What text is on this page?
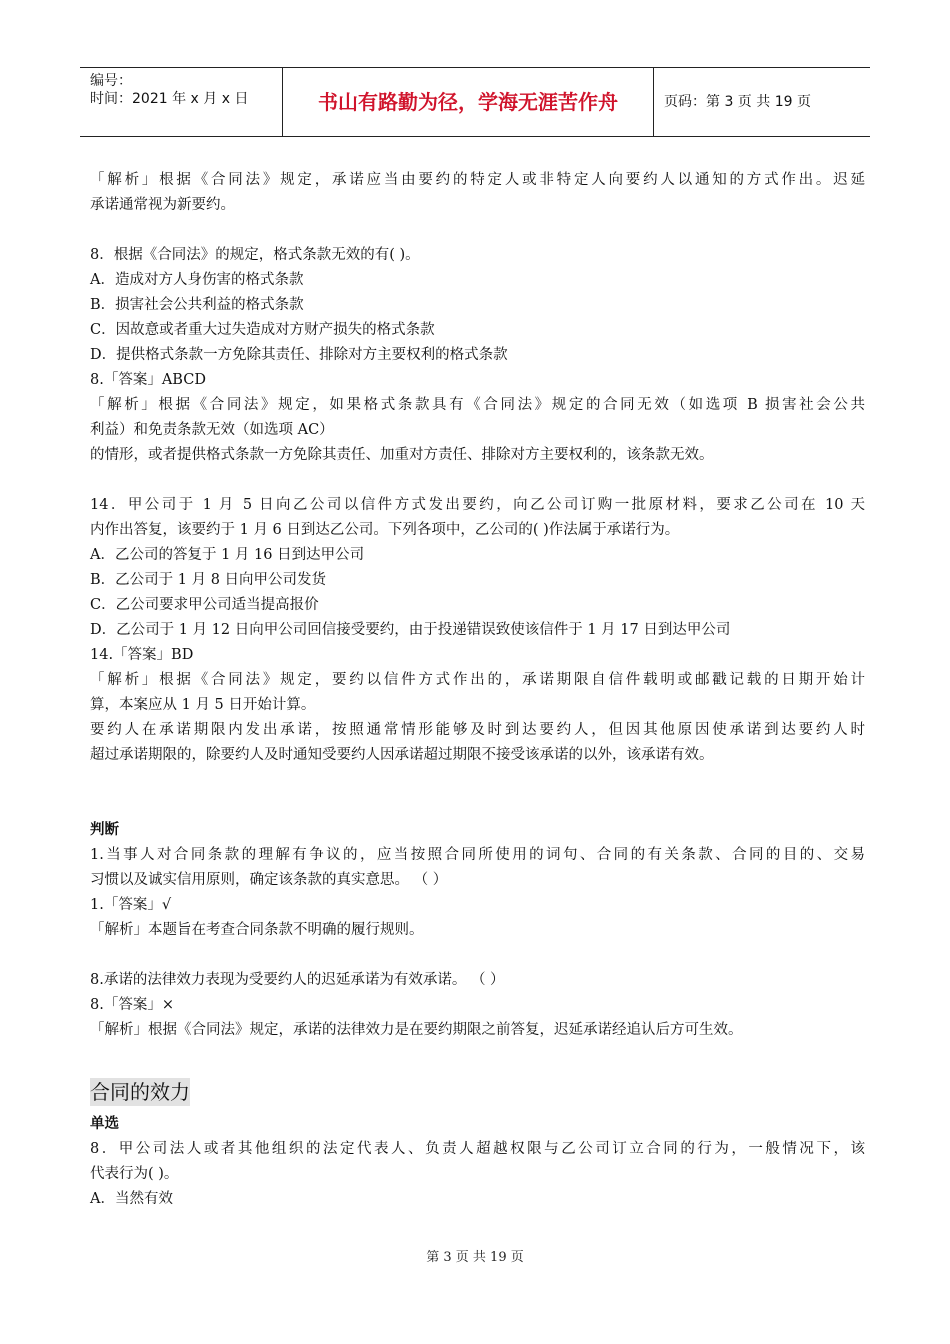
编号：
时间：2021 年 x 月 x 日	书山有路勤为径，学海无涯苦作舟	页码：第 3 页 共 19 页
「解析」根据《合同法》规定，承诺应当由要约的特定人或非特定人向要约人以通知的方式作出。迟延
承诺通常视为新要约。
8．根据《合同法》的规定，格式条款无效的有( )。
A．造成对方人身伤害的格式条款
B．损害社会公共利益的格式条款
C．因故意或者重大过失造成对方财产损失的格式条款
D．提供格式条款一方免除其责任、排除对方主要权利的格式条款
8.「答案」ABCD
「解析」根据《合同法》规定，如果格式条款具有《合同法》规定的合同无效（如选项 B 损害社会公共
利益）和免责条款无效（如选项 AC）
的情形，或者提供格式条款一方免除其责任、加重对方责任、排除对方主要权利的，该条款无效。
14．甲公司于 1 月 5 日向乙公司以信件方式发出要约，向乙公司订购一批原材料，要求乙公司在 10 天
内作出答复，该要约于 1 月 6 日到达乙公司。下列各项中，乙公司的( )作法属于承诺行为。
A．乙公司的答复于 1 月 16 日到达甲公司
B．乙公司于 1 月 8 日向甲公司发货
C．乙公司要求甲公司适当提高报价
D．乙公司于 1 月 12 日向甲公司回信接受要约，由于投递错误致使该信件于 1 月 17 日到达甲公司
14.「答案」BD
「解析」根据《合同法》规定，要约以信件方式作出的，承诺期限自信件载明或邮戳记载的日期开始计
算，本案应从 1 月 5 日开始计算。
要约人在承诺期限内发出承诺，按照通常情形能够及时到达要约人，但因其他原因使承诺到达要约人时
超过承诺期限的，除要约人及时通知受要约人因承诺超过期限不接受该承诺的以外，该承诺有效。
判断
1.当事人对合同条款的理解有争议的，应当按照合同所使用的词句、合同的有关条款、合同的目的、交易
习惯以及诚实信用原则，确定该条款的真实意思。 （ ）
1.「答案」√
「解析」本题旨在考查合同条款不明确的履行规则。
8.承诺的法律效力表现为受要约人的迟延承诺为有效承诺。 （ ）
8.「答案」×
「解析」根据《合同法》规定，承诺的法律效力是在要约期限之前答复，迟延承诺经追认后方可生效。
合同的效力
单选
8．甲公司法人或者其他组织的法定代表人、负责人超越权限与乙公司订立合同的行为，一般情况下，该
代表行为( )。
A．当然有效
第 3 页 共 19 页
